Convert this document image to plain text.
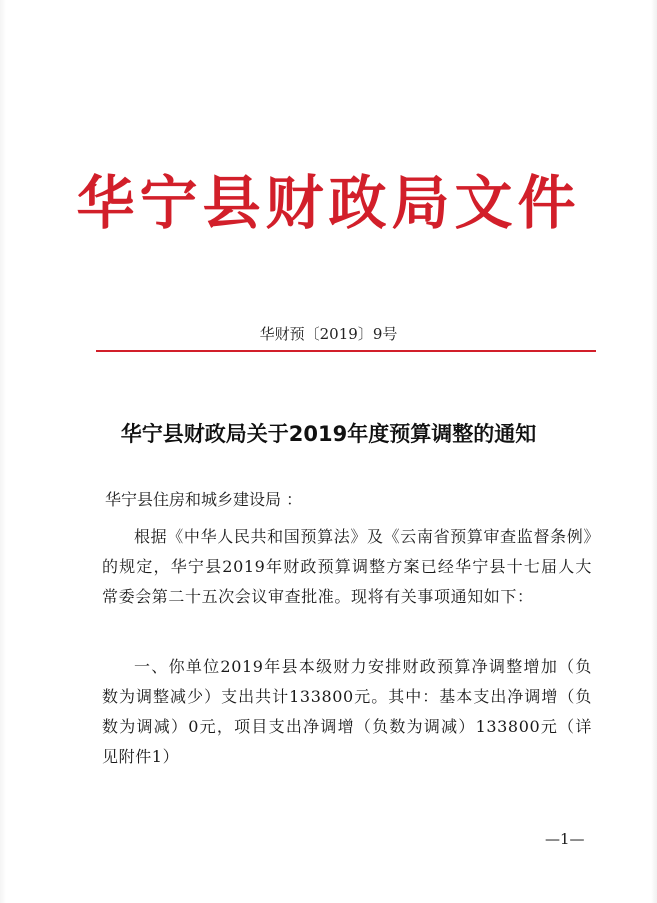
华宁县财政局文件
华财预〔2019〕9号
华宁县财政局关于2019年度预算调整的通知
华宁县住房和城乡建设局 ：
根据《中华人民共和国预算法》及《云南省预算审查监督条例》的规定，华宁县2019年财政预算调整方案已经华宁县十七届人大常委会第二十五次会议审查批准。现将有关事项通知如下：
一、你单位2019年县本级财力安排财政预算净调整增加（负数为调整减少）支出共计133800元。其中：基本支出净调增（负数为调减）0元，项目支出净调增（负数为调减）133800元（详见附件1）
—1—
